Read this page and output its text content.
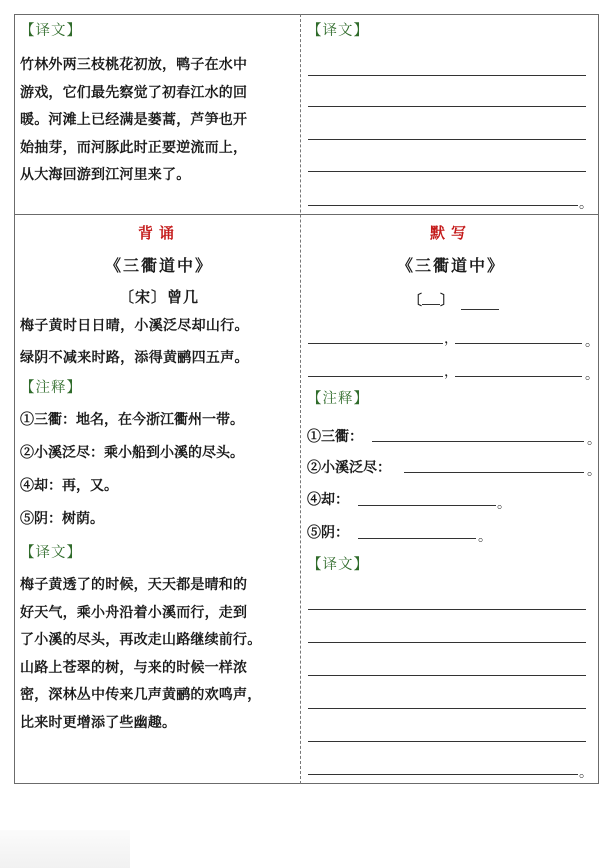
【译文】
竹林外两三枝桃花初放，鸭子在水中
游戏，它们最先察觉了初春江水的回
暖。河滩上已经满是蒌蒿，芦笋也开
始抽芽，而河豚此时正要逆流而上，
从大海回游到江河里来了。
【译文】
。
背诵
《三衢道中》
〔宋〕曾几
梅子黄时日日晴，小溪泛尽却山行。
绿阴不减来时路，添得黄鹂四五声。
【注释】
①三衢：地名，在今浙江衢州一带。
②小溪泛尽：乘小船到小溪的尽头。
④却：再，又。
⑤阴：树荫。
【译文】
梅子黄透了的时候，天天都是晴和的
好天气，乘小舟沿着小溪而行，走到
了小溪的尽头，再改走山路继续前行。
山路上苍翠的树，与来的时候一样浓
密，深林丛中传来几声黄鹂的欢鸣声，
比来时更增添了些幽趣。
默写
《三衢道中》
〔 〕
，	。
，	。
【注释】
①三衢：	。
②小溪泛尽：	。
④却：	。
⑤阴：	。
【译文】
。
